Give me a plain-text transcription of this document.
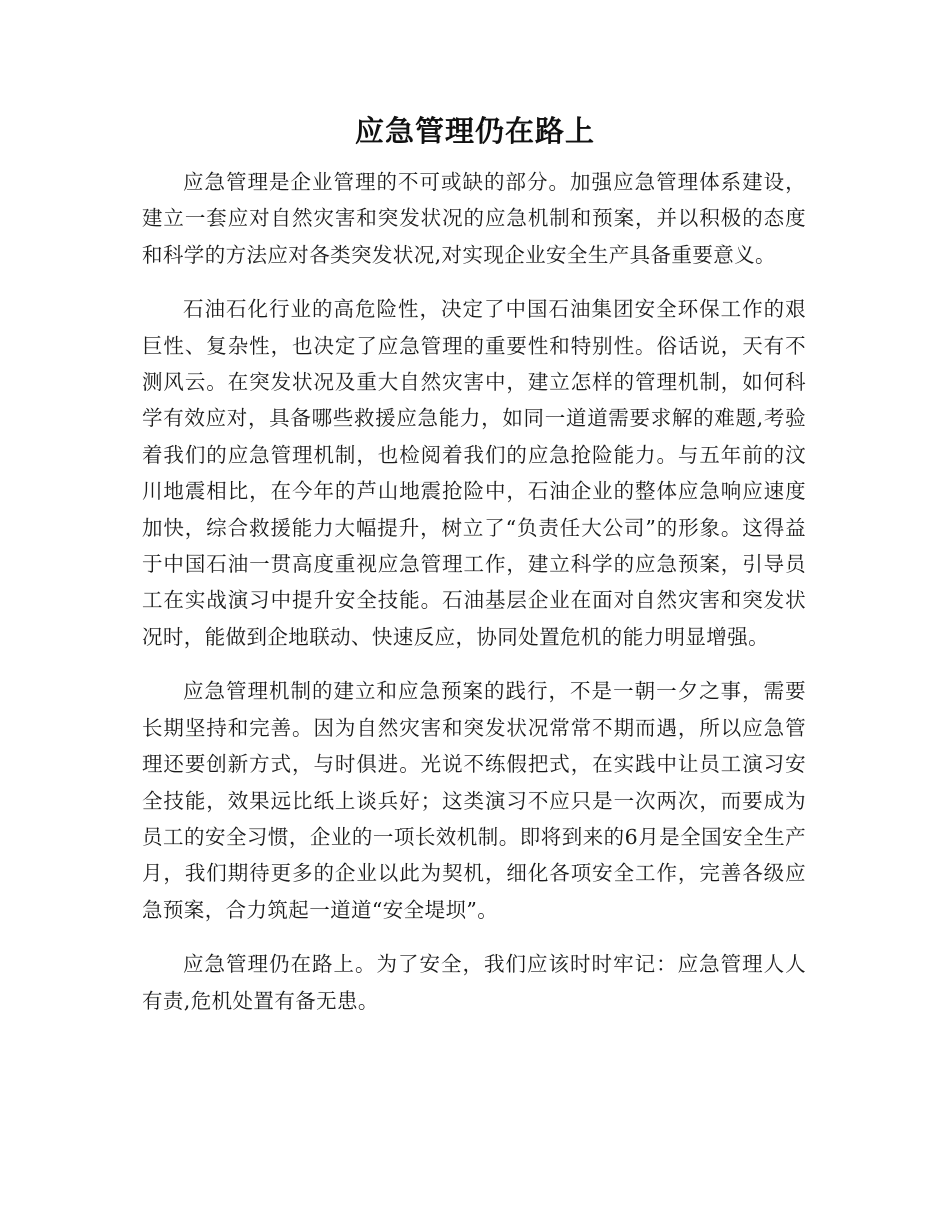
应急管理仍在路上

应急管理是企业管理的不可或缺的部分。加强应急管理体系建设，建立一套应对自然灾害和突发状况的应急机制和预案，并以积极的态度和科学的方法应对各类突发状况,对实现企业安全生产具备重要意义。

石油石化行业的高危险性，决定了中国石油集团安全环保工作的艰巨性、复杂性，也决定了应急管理的重要性和特别性。俗话说，天有不测风云。在突发状况及重大自然灾害中，建立怎样的管理机制，如何科学有效应对，具备哪些救援应急能力，如同一道道需要求解的难题,考验着我们的应急管理机制，也检阅着我们的应急抢险能力。与五年前的汶川地震相比，在今年的芦山地震抢险中，石油企业的整体应急响应速度加快，综合救援能力大幅提升，树立了“负责任大公司”的形象。这得益于中国石油一贯高度重视应急管理工作，建立科学的应急预案，引导员工在实战演习中提升安全技能。石油基层企业在面对自然灾害和突发状况时，能做到企地联动、快速反应，协同处置危机的能力明显增强。

应急管理机制的建立和应急预案的践行，不是一朝一夕之事，需要长期坚持和完善。因为自然灾害和突发状况常常不期而遇，所以应急管理还要创新方式，与时俱进。光说不练假把式，在实践中让员工演习安全技能，效果远比纸上谈兵好；这类演习不应只是一次两次，而要成为员工的安全习惯，企业的一项长效机制。即将到来的6月是全国安全生产月，我们期待更多的企业以此为契机，细化各项安全工作，完善各级应急预案，合力筑起一道道“安全堤坝”。

应急管理仍在路上。为了安全，我们应该时时牢记：应急管理人人有责,危机处置有备无患。
